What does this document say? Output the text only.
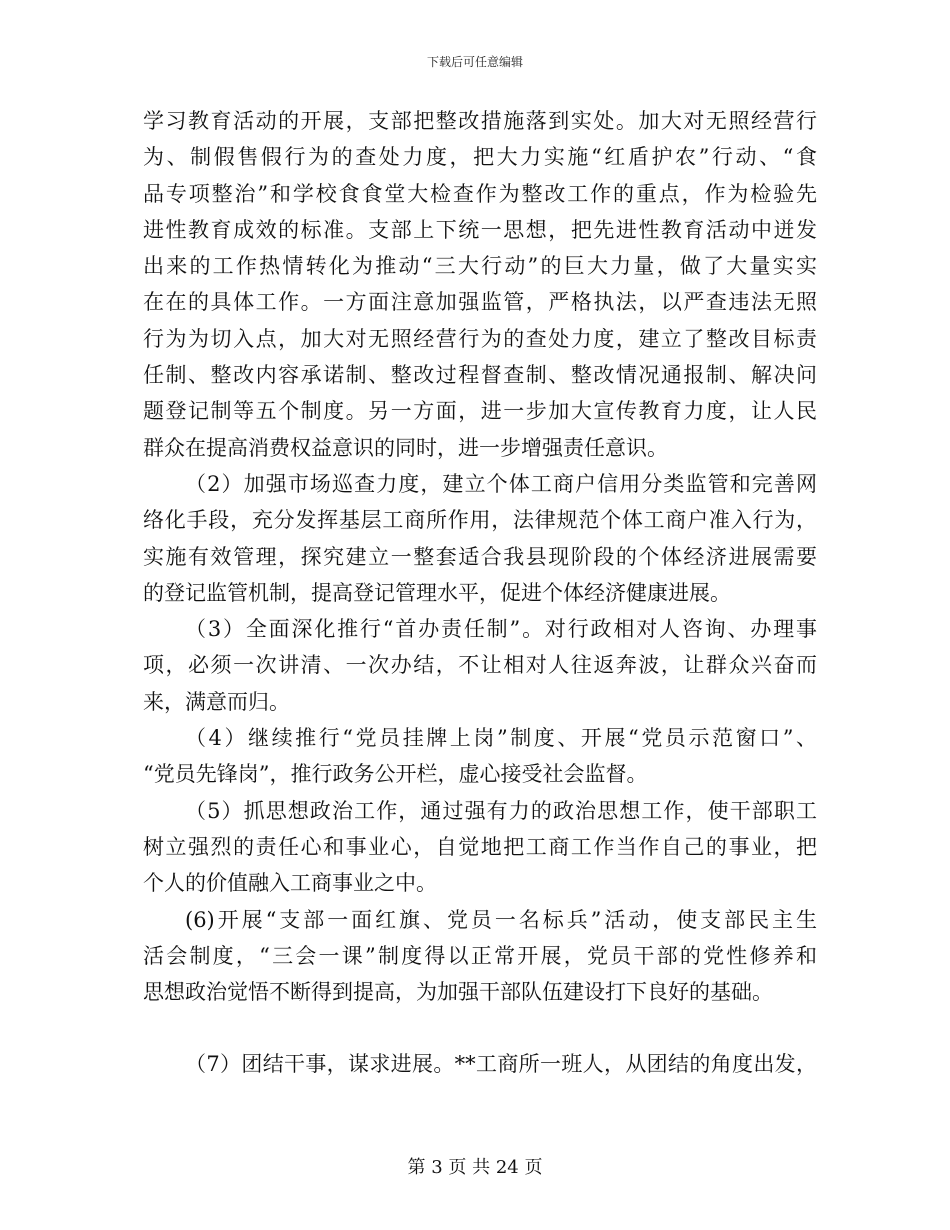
下载后可任意编辑
学习教育活动的开展，支部把整改措施落到实处。加大对无照经营行
为、制假售假行为的查处力度，把大力实施“红盾护农”行动、“食
品专项整治”和学校食食堂大检查作为整改工作的重点，作为检验先
进性教育成效的标准。支部上下统一思想，把先进性教育活动中迸发
出来的工作热情转化为推动“三大行动”的巨大力量，做了大量实实
在在的具体工作。一方面注意加强监管，严格执法，以严查违法无照
行为为切入点，加大对无照经营行为的查处力度，建立了整改目标责
任制、整改内容承诺制、整改过程督查制、整改情况通报制、解决问
题登记制等五个制度。另一方面，进一步加大宣传教育力度，让人民
群众在提高消费权益意识的同时，进一步增强责任意识。
（2）加强市场巡查力度，建立个体工商户信用分类监管和完善网
络化手段，充分发挥基层工商所作用，法律规范个体工商户准入行为，
实施有效管理，探究建立一整套适合我县现阶段的个体经济进展需要
的登记监管机制，提高登记管理水平，促进个体经济健康进展。
（3）全面深化推行“首办责任制”。对行政相对人咨询、办理事
项，必须一次讲清、一次办结，不让相对人往返奔波，让群众兴奋而
来，满意而归。
（4）继续推行“党员挂牌上岗”制度、开展“党员示范窗口”、
“党员先锋岗”，推行政务公开栏，虚心接受社会监督。
（5）抓思想政治工作，通过强有力的政治思想工作，使干部职工
树立强烈的责任心和事业心，自觉地把工商工作当作自己的事业，把
个人的价值融入工商事业之中。
(6)开展“支部一面红旗、党员一名标兵”活动，使支部民主生
活会制度，“三会一课”制度得以正常开展，党员干部的党性修养和
思想政治觉悟不断得到提高，为加强干部队伍建设打下良好的基础。
（7）团结干事，谋求进展。**工商所一班人，从团结的角度出发，
第 3 页 共 24 页
